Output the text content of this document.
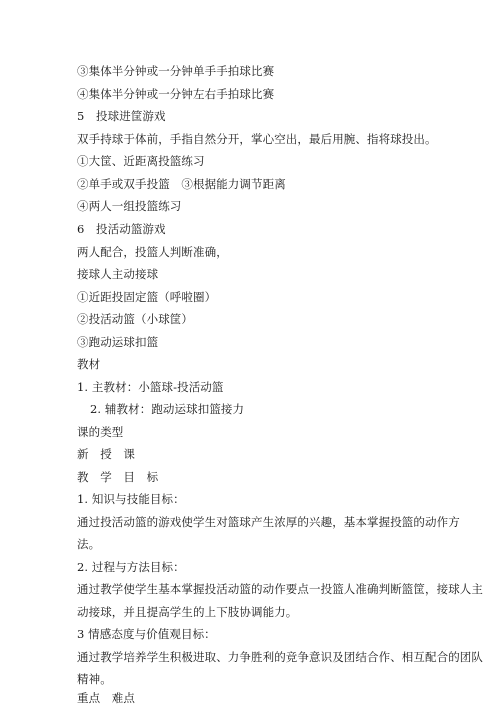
③集体半分钟或一分钟单手手拍球比赛
④集体半分钟或一分钟左右手拍球比赛
5　投球进筐游戏
双手持球于体前，手指自然分开，掌心空出，最后用腕、指将球投出。
①大筐、近距离投篮练习
②单手或双手投篮　③根据能力调节距离
④两人一组投篮练习
6　投活动篮游戏
两人配合，投篮人判断准确，
接球人主动接球
①近距投固定篮（呼啦圈）
②投活动篮（小球筐）
③跑动运球扣篮
教材
1. 主教材：小篮球-投活动篮
2. 辅教材：跑动运球扣篮接力
课的类型
新　授　课
教　学　目　标
1. 知识与技能目标：
通过投活动篮的游戏使学生对篮球产生浓厚的兴趣，基本掌握投篮的动作方
法。
2. 过程与方法目标：
通过教学使学生基本掌握投活动篮的动作要点一投篮人准确判断篮筐，接球人主
动接球，并且提高学生的上下肢协调能力。
3 情感态度与价值观目标：
通过教学培养学生积极进取、力争胜利的竞争意识及团结合作、相互配合的团队
精神。
重点　难点
